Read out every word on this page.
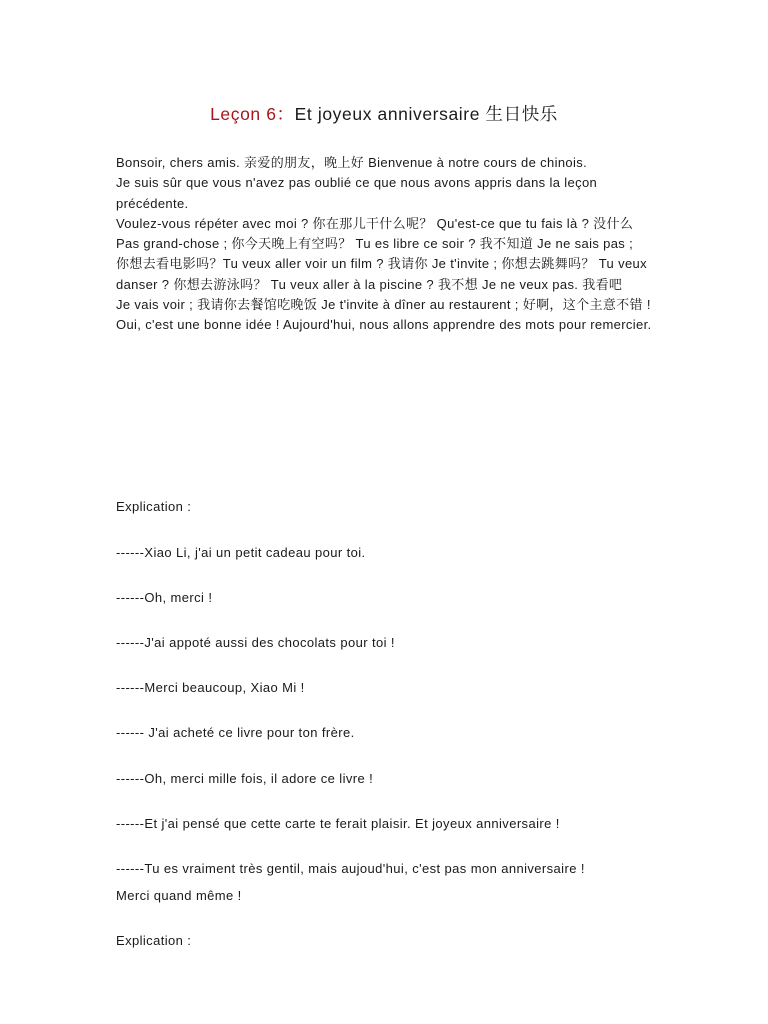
Leçon 6：Et joyeux anniversaire 生日快乐

Bonsoir, chers amis. 亲爱的朋友，晚上好 Bienvenue à notre cours de chinois.

Je suis sûr que vous n'avez pas oublié ce que nous avons appris dans la leçon précédente.

Voulez-vous répéter avec moi ? 你在那儿干什么呢？ Qu'est-ce que tu fais là ? 没什么

Pas grand-chose ; 你今天晚上有空吗？ Tu es libre ce soir ? 我不知道 Je ne sais pas ;

你想去看电影吗？Tu veux aller voir un film ? 我请你 Je t'invite ; 你想去跳舞吗？ Tu veux

danser ? 你想去游泳吗？ Tu veux aller à la piscine ? 我不想 Je ne veux pas. 我看吧

Je vais voir ; 我请你去餐馆吃晚饭 Je t'invite à dîner au restaurent ; 好啊，这个主意不错 !

Oui, c'est une bonne idée ! Aujourd'hui, nous allons apprendre des mots pour remercier.

Explication :
------Xiao Li, j'ai un petit cadeau pour toi.
------Oh, merci !
------J'ai appoté aussi des chocolats pour toi !
------Merci beaucoup, Xiao Mi !
------ J'ai acheté ce livre pour ton frère.
------Oh, merci mille fois, il adore ce livre !
------Et j'ai pensé que cette carte te ferait plaisir. Et joyeux anniversaire !
------Tu es vraiment très gentil, mais aujoud'hui, c'est pas mon anniversaire !
Merci quand même !
Explication :
